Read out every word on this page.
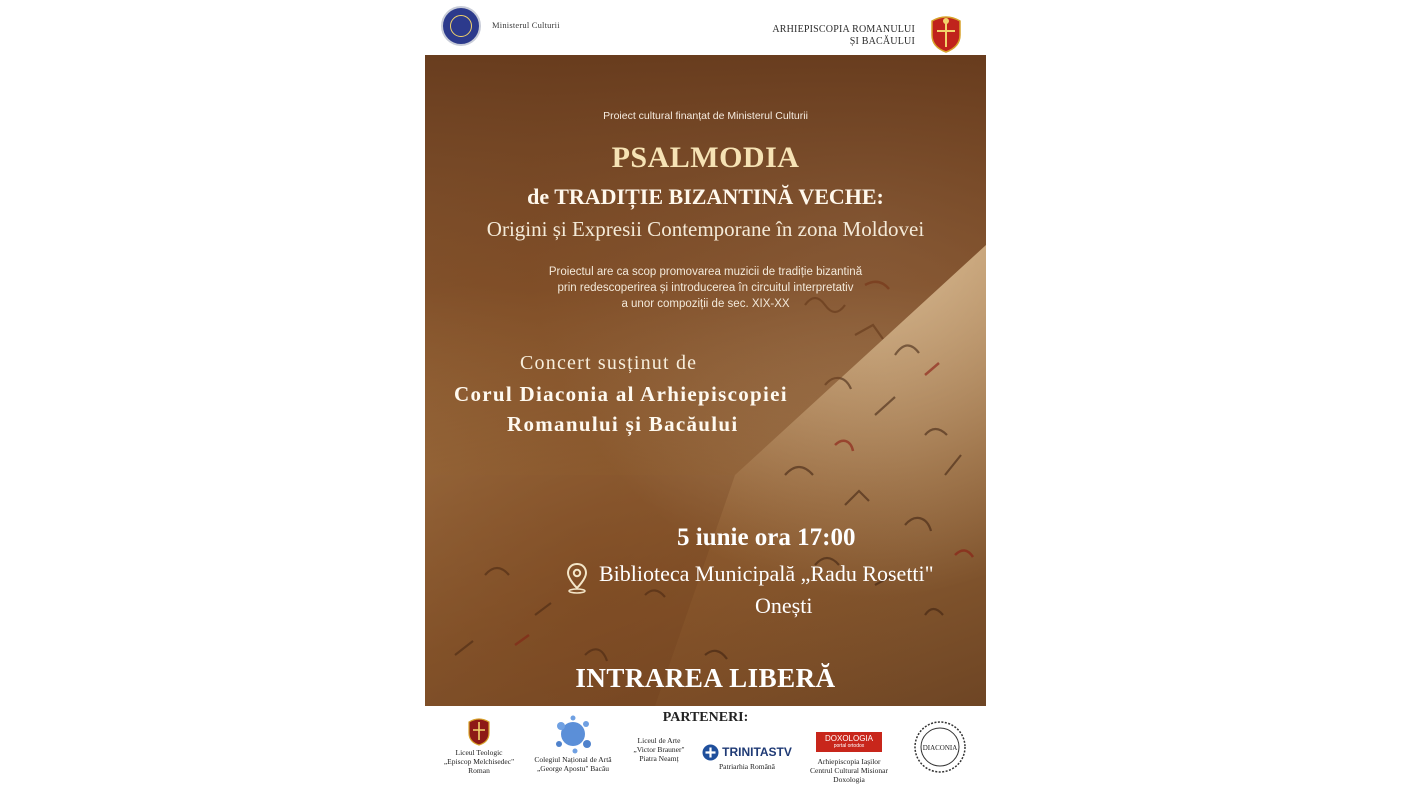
Ministerul Culturii	ARHIEPISCOPIA ROMANULUI
ȘI BACĂULUI
Proiect cultural finanțat de Ministerul Culturii
PSALMODIA
de TRADIȚIE BIZANTINĂ VECHE:
Origini și Expresii Contemporane în zona Moldovei
Proiectul are ca scop promovarea muzicii de tradiție bizantină
prin redescoperirea și introducerea în circuitul interpretativ
a unor compoziții de sec. XIX-XX
Concert susținut de
Corul Diaconia al Arhiepiscopiei
Romanului și Bacăului
5 iunie ora 17:00
Biblioteca Municipală „Radu Rosetti"
Onești
INTRAREA LIBERĂ
PARTENERI:
Liceul Teologic
„Episcop Melchisedec"
Roman
Colegiul Național de Artă
„George Apostu" Bacău
Liceul de Arte
„Victor Brauner"
Piatra Neamț	TRINITASTV
Patriarhia Română
DOXOLOGIA
portal ortodox
Arhiepiscopia Iașilor
Centrul Cultural Misionar
Doxologia
DIACONIA
